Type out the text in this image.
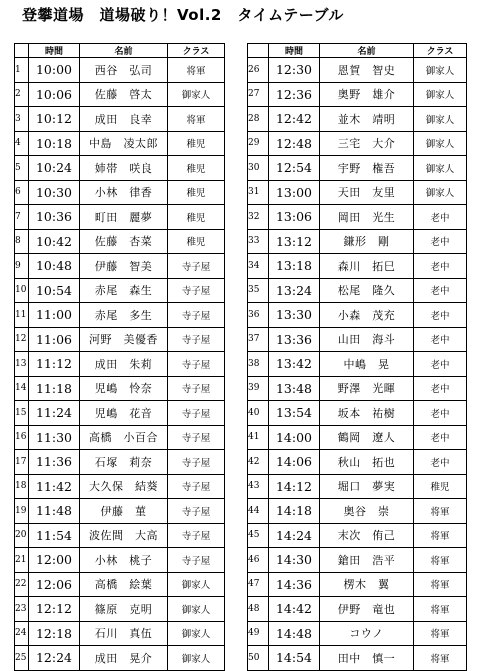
登攀道場　道場破り！Vol.2　タイムテーブル
	時間	名前	クラス
1	10:00	西谷　弘司	将軍
2	10:06	佐藤　啓太	御家人
3	10:12	成田　良幸	将軍
4	10:18	中島　凌太郎	稚児
5	10:24	姉帯　咲良	稚児
6	10:30	小林　律香	稚児
7	10:36	町田　麗夢	稚児
8	10:42	佐藤　杏菜	稚児
9	10:48	伊藤　智美	寺子屋
10	10:54	赤尾　森生	寺子屋
11	11:00	赤尾　多生	寺子屋
12	11:06	河野　美優香	寺子屋
13	11:12	成田　朱莉	寺子屋
14	11:18	児嶋　怜奈	寺子屋
15	11:24	児嶋　花音	寺子屋
16	11:30	高橋　小百合	寺子屋
17	11:36	石塚　莉奈	寺子屋
18	11:42	大久保　結葵	寺子屋
19	11:48	伊藤　菫	寺子屋
20	11:54	波佐間　大高	寺子屋
21	12:00	小林　桃子	寺子屋
22	12:06	高橋　絵葉	御家人
23	12:12	篠原　克明	御家人
24	12:18	石川　真伍	御家人
25	12:24	成田　晃介	御家人
	時間	名前	クラス
26	12:30	恩賀　智史	御家人
27	12:36	奥野　雄介	御家人
28	12:42	並木　靖明	御家人
29	12:48	三宅　大介	御家人
30	12:54	宇野　権吾	御家人
31	13:00	天田　友里	御家人
32	13:06	岡田　光生	老中
33	13:12	鎌形　剛	老中
34	13:18	森川　拓巳	老中
35	13:24	松尾　隆久	老中
36	13:30	小森　茂充	老中
37	13:36	山田　海斗	老中
38	13:42	中嶋　晃	老中
39	13:48	野澤　光暉	老中
40	13:54	坂本　祐樹	老中
41	14:00	鶴岡　遼人	老中
42	14:06	秋山　拓也	老中
43	14:12	堀口　夢実	稚児
44	14:18	奥谷　崇	将軍
45	14:24	末次　侑己	将軍
46	14:30	鎗田　浩平	将軍
47	14:36	楞木　翼	将軍
48	14:42	伊野　竜也	将軍
49	14:48	コウノ	将軍
50	14:54	田中　慎一	将軍
